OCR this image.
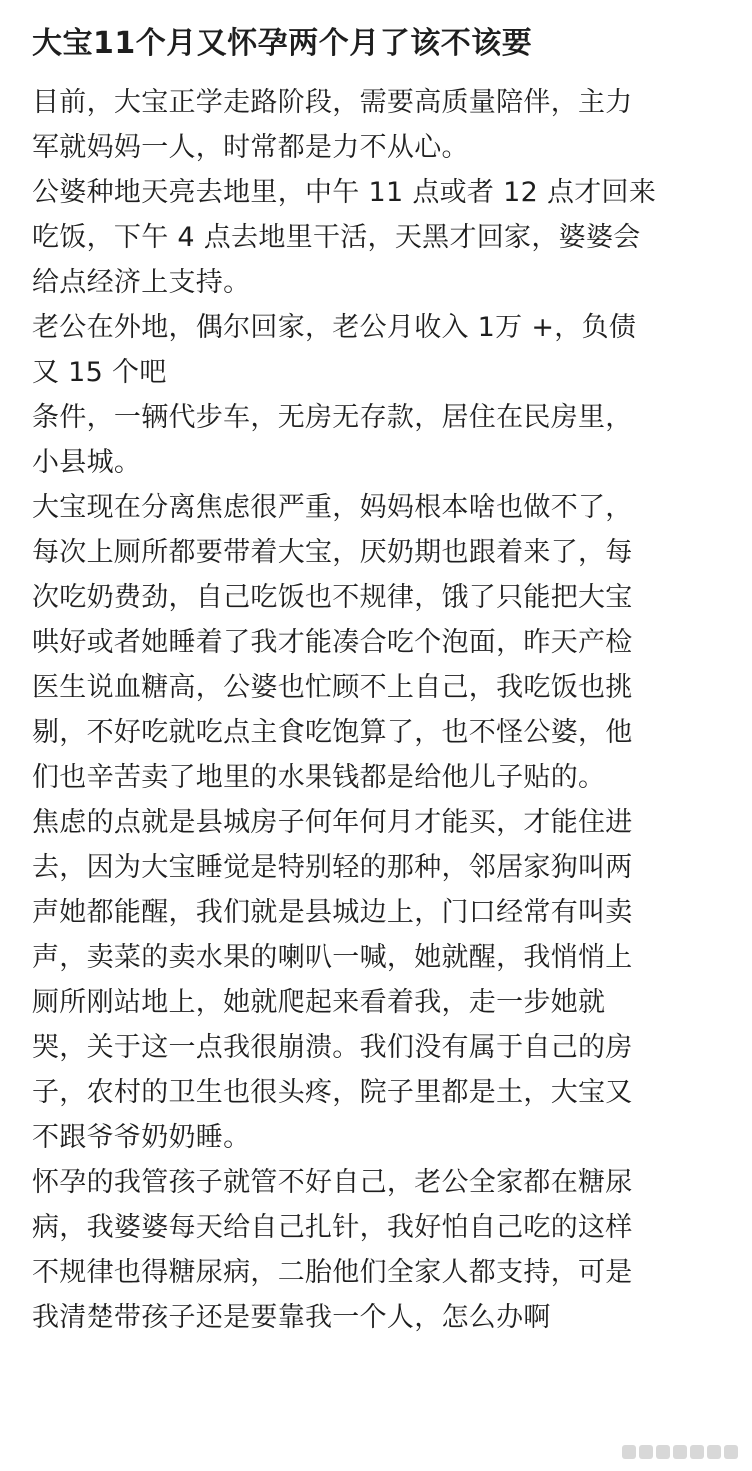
大宝11个月又怀孕两个月了该不该要
目前，大宝正学走路阶段，需要高质量陪伴，主力
军就妈妈一人，时常都是力不从心。
公婆种地天亮去地里，中午 11 点或者 12 点才回来
吃饭，下午 4 点去地里干活，天黑才回家，婆婆会
给点经济上支持。
老公在外地，偶尔回家，老公月收入 1万 +，负债
又 15 个吧
条件，一辆代步车，无房无存款，居住在民房里，
小县城。
大宝现在分离焦虑很严重，妈妈根本啥也做不了，
每次上厕所都要带着大宝，厌奶期也跟着来了，每
次吃奶费劲，自己吃饭也不规律，饿了只能把大宝
哄好或者她睡着了我才能凑合吃个泡面，昨天产检
医生说血糖高，公婆也忙顾不上自己，我吃饭也挑
剔，不好吃就吃点主食吃饱算了，也不怪公婆，他
们也辛苦卖了地里的水果钱都是给他儿子贴的。
焦虑的点就是县城房子何年何月才能买，才能住进
去，因为大宝睡觉是特别轻的那种，邻居家狗叫两
声她都能醒，我们就是县城边上，门口经常有叫卖
声，卖菜的卖水果的喇叭一喊，她就醒，我悄悄上
厕所刚站地上，她就爬起来看着我，走一步她就
哭，关于这一点我很崩溃。我们没有属于自己的房
子，农村的卫生也很头疼，院子里都是土，大宝又
不跟爷爷奶奶睡。
怀孕的我管孩子就管不好自己，老公全家都在糖尿
病，我婆婆每天给自己扎针，我好怕自己吃的这样
不规律也得糖尿病，二胎他们全家人都支持，可是
我清楚带孩子还是要靠我一个人，怎么办啊
